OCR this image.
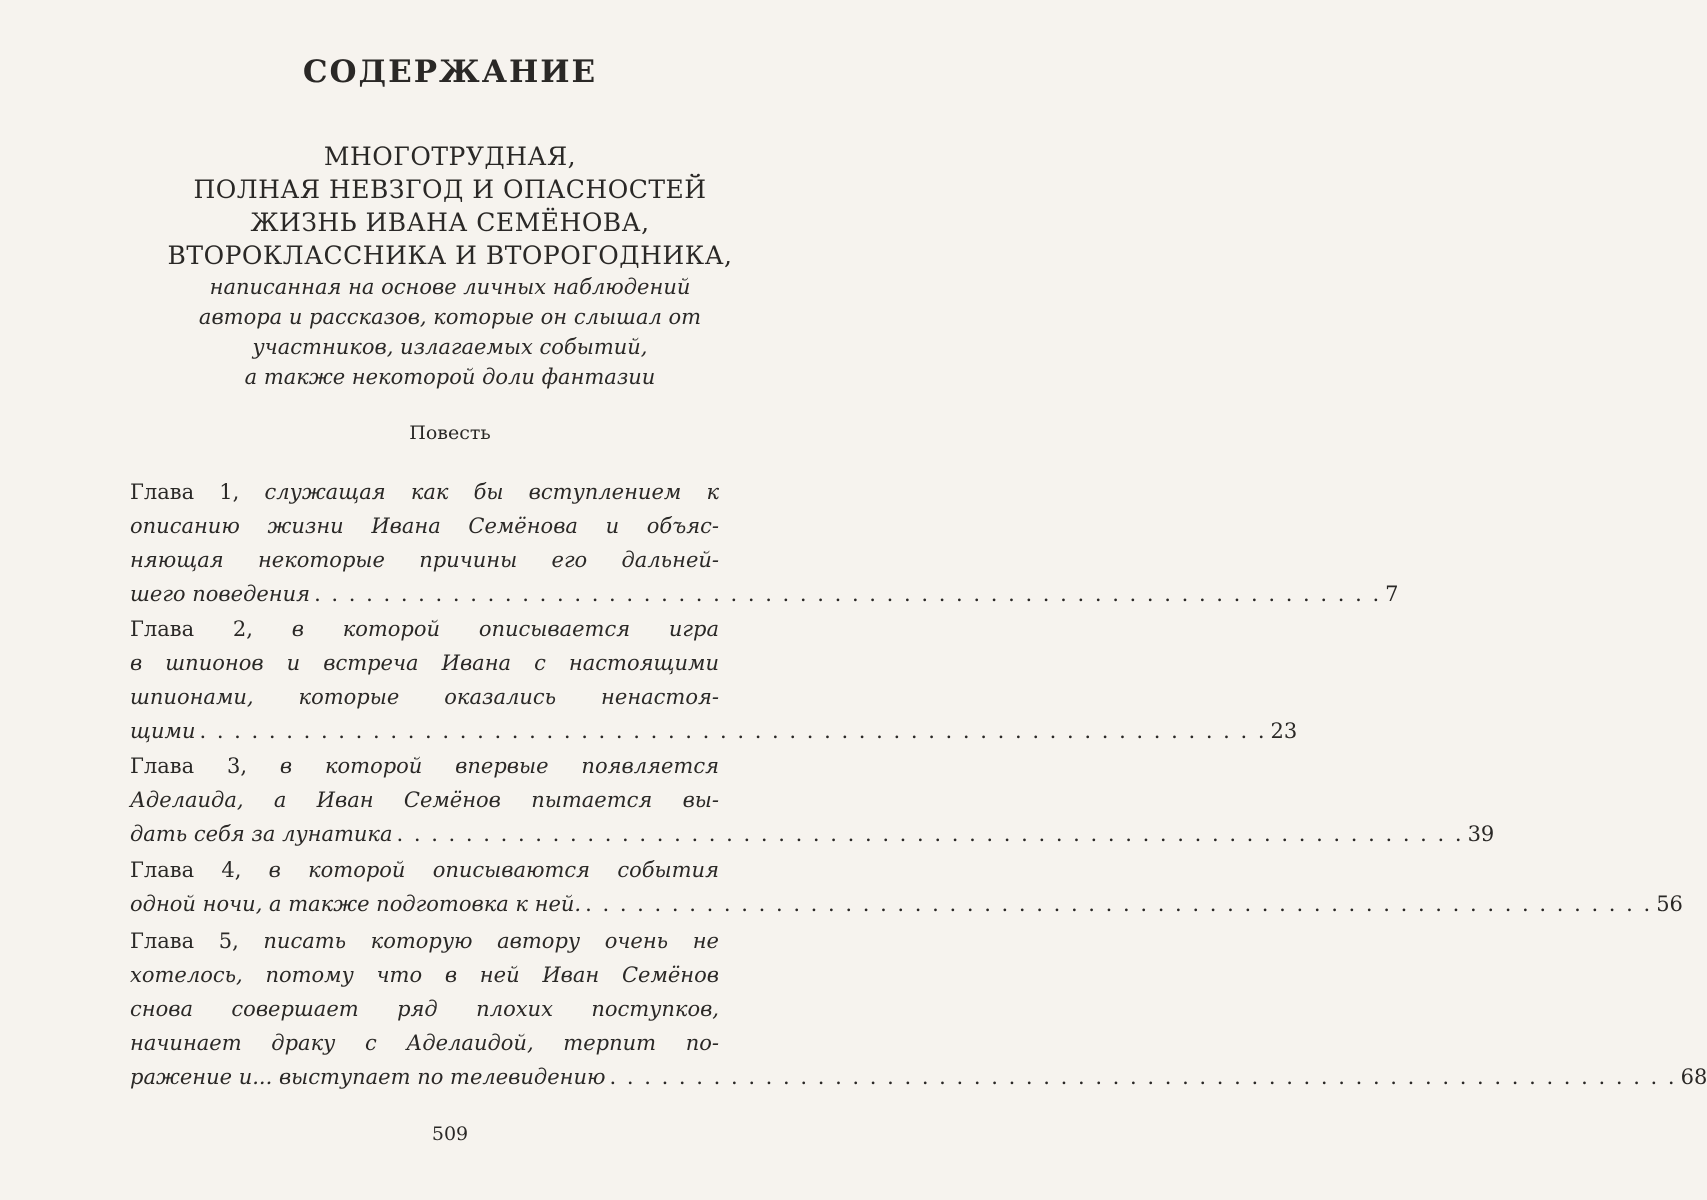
СОДЕРЖАНИЕ
МНОГОТРУДНАЯ,
ПОЛНАЯ НЕВЗГОД И ОПАСНОСТЕЙ
ЖИЗНЬ ИВАНА СЕМЁНОВА,
ВТОРОКЛАССНИКА И ВТОРОГОДНИКА,
написанная на основе личных наблюдений
автора и рассказов, которые он слышал от
участников, излагаемых событий,
а также некоторой доли фантазии
Повесть
Глава 1, служащая как бы вступлением к
описанию жизни Ивана Семёнова и объяс-
няющая некоторые причины его дальней-
шего поведения . . . . . . . . . . . . . . . . . . . . . . . . . . . . . . . . . . . . . . . . . . . . . . . . . . . . . . . . . . . . . . 7
Глава 2, в которой описывается игра
в шпионов и встреча Ивана с настоящими
шпионами, которые оказались ненастоя-
щими . . . . . . . . . . . . . . . . . . . . . . . . . . . . . . . . . . . . . . . . . . . . . . . . . . . . . . . . . . . . . . 23
Глава 3, в которой впервые появляется
Аделаида, а Иван Семёнов пытается вы-
дать себя за лунатика . . . . . . . . . . . . . . . . . . . . . . . . . . . . . . . . . . . . . . . . . . . . . . . . . . . . . . . . . . . . . . 39
Глава 4, в которой описываются события
одной ночи, а также подготовка к ней. . . . . . . . . . . . . . . . . . . . . . . . . . . . . . . . . . . . . . . . . . . . . . . . . . . . . . . . . . . . . . . 56
Глава 5, писать которую автору очень не
хотелось, потому что в ней Иван Семёнов
снова совершает ряд плохих поступков,
начинает драку с Аделаидой, терпит по-
ражение и... выступает по телевидению . . . . . . . . . . . . . . . . . . . . . . . . . . . . . . . . . . . . . . . . . . . . . . . . . . . . . . . . . . . . . . 68
509
